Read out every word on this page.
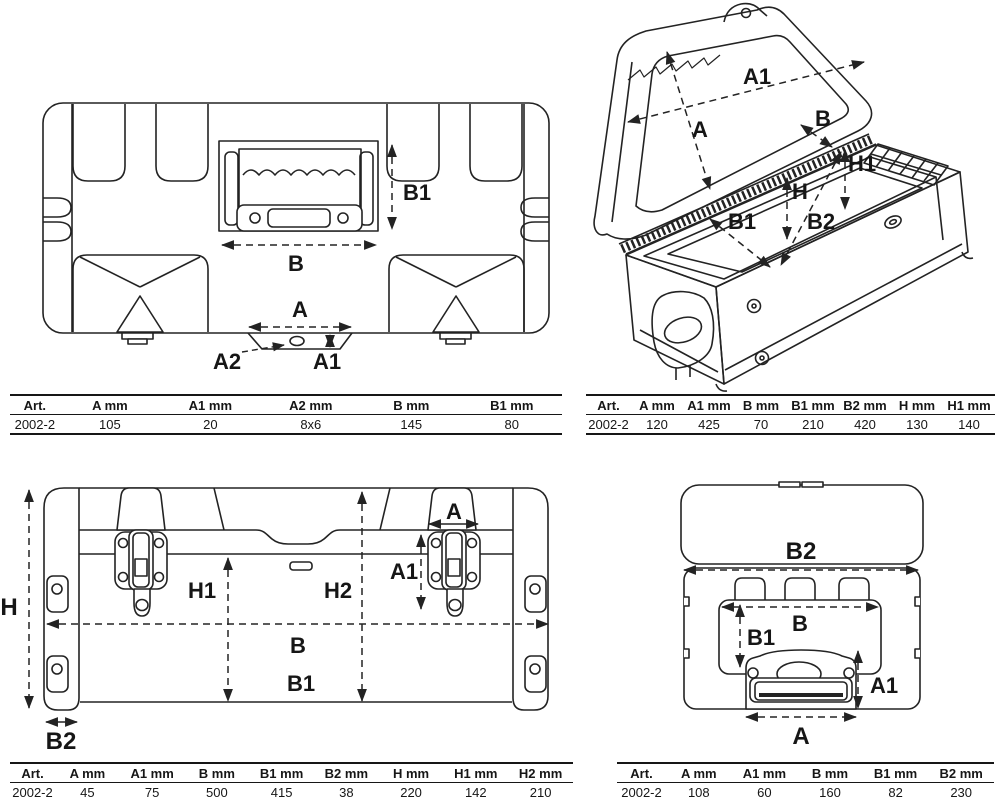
B1
B
A
A1
A2
A1
A	B
H1
H
B1 B2
H
B2
H1	H2
B
B1
A
A1
B2
B
B1
A1
A
Art.	A mm	A1 mm	A2 mm	B mm	B1 mm
2002-2	105	20	8x6	145	80
Art.	A mm	A1 mm	B mm	B1 mm	B2 mm	H mm	H1 mm
2002-2	120	425	70	210	420	130	140
Art.	A mm	A1 mm	B mm	B1 mm	B2 mm	H mm	H1 mm	H2 mm
2002-2	45	75	500	415	38	220	142	210
Art.	A mm	A1 mm	B mm	B1 mm	B2 mm
2002-2	108	60	160	82	230
